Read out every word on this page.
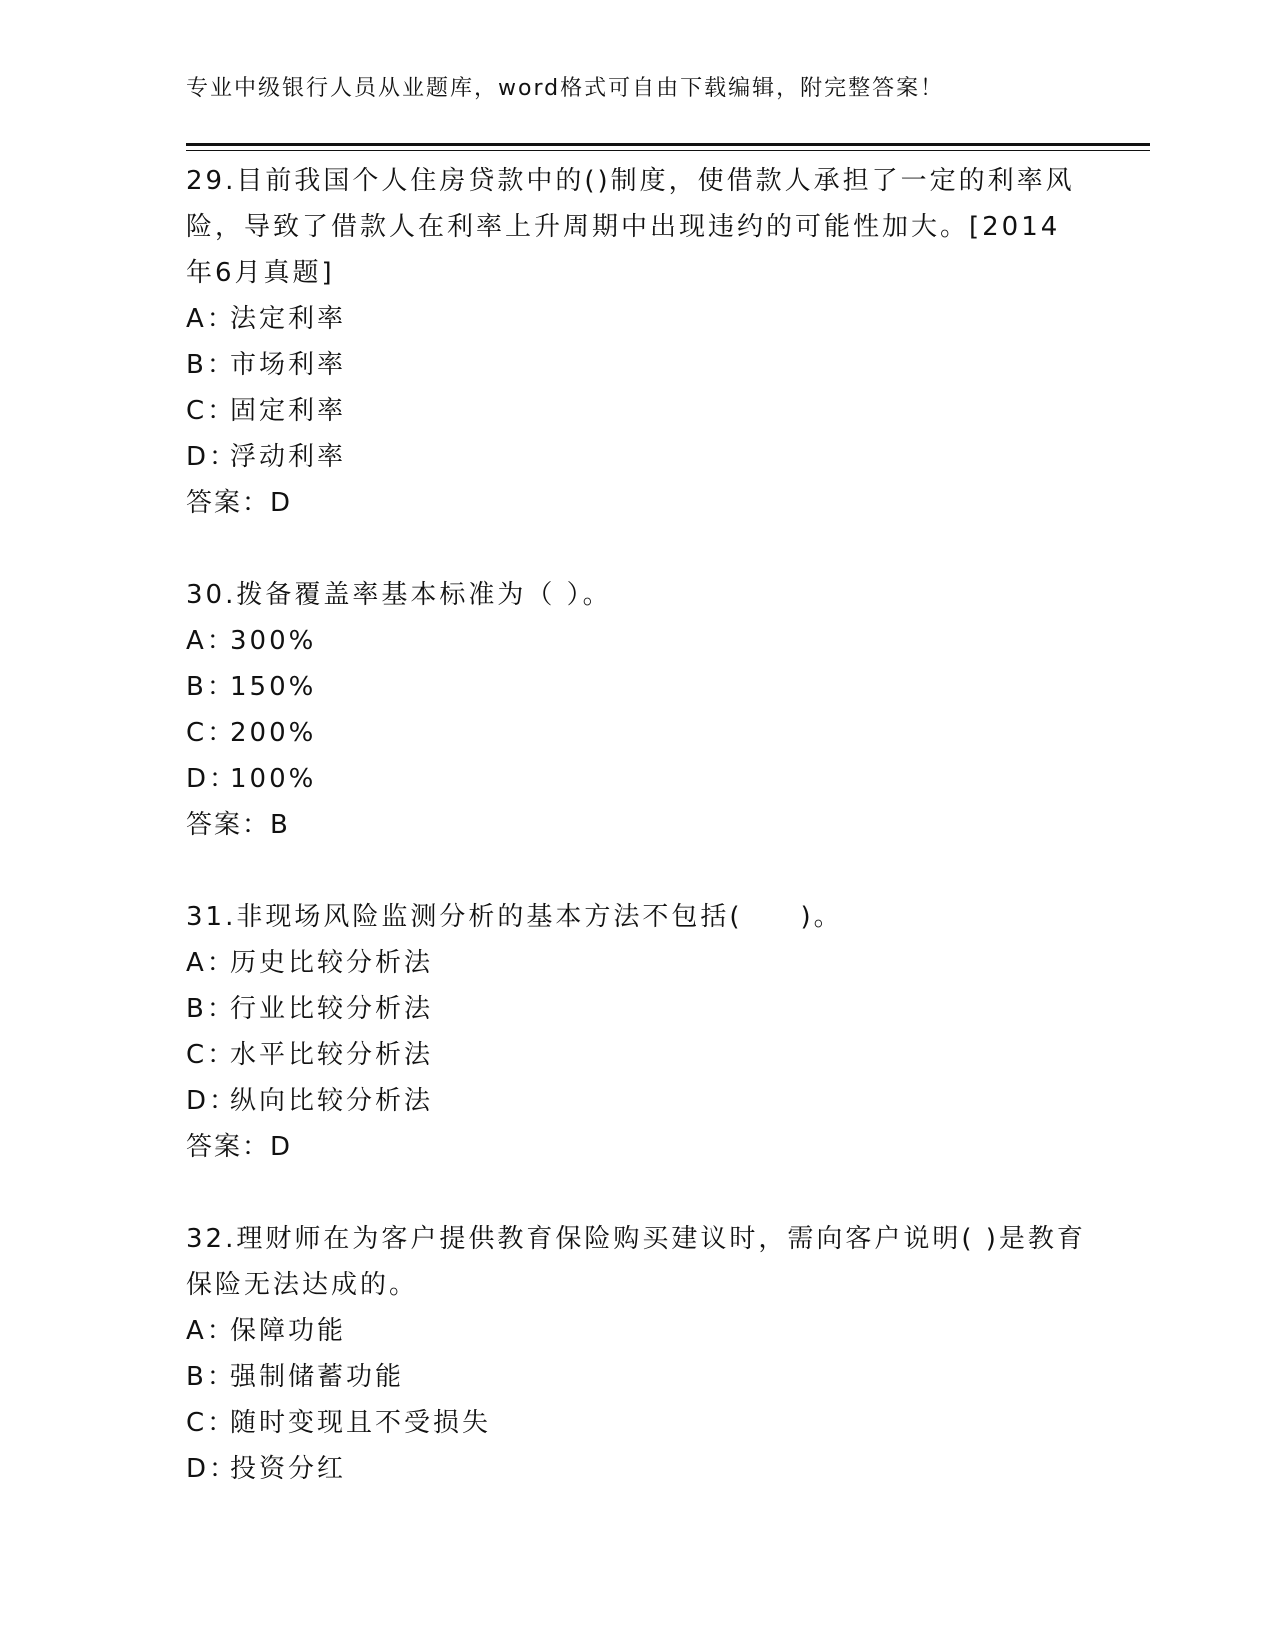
专业中级银行人员从业题库，word格式可自由下载编辑，附完整答案！

29.目前我国个人住房贷款中的()制度，使借款人承担了一定的利率风险，导致了借款人在利率上升周期中出现违约的可能性加大。[2014年6月真题]

A：法定利率
B：市场利率
C：固定利率
D：浮动利率
答案：D

30.拨备覆盖率基本标准为（ ）。

A：300%
B：150%
C：200%
D：100%
答案：B

31.非现场风险监测分析的基本方法不包括(　　)。

A：历史比较分析法
B：行业比较分析法
C：水平比较分析法
D：纵向比较分析法
答案：D

32.理财师在为客户提供教育保险购买建议时，需向客户说明( )是教育保险无法达成的。

A：保障功能
B：强制储蓄功能
C：随时变现且不受损失
D：投资分红
